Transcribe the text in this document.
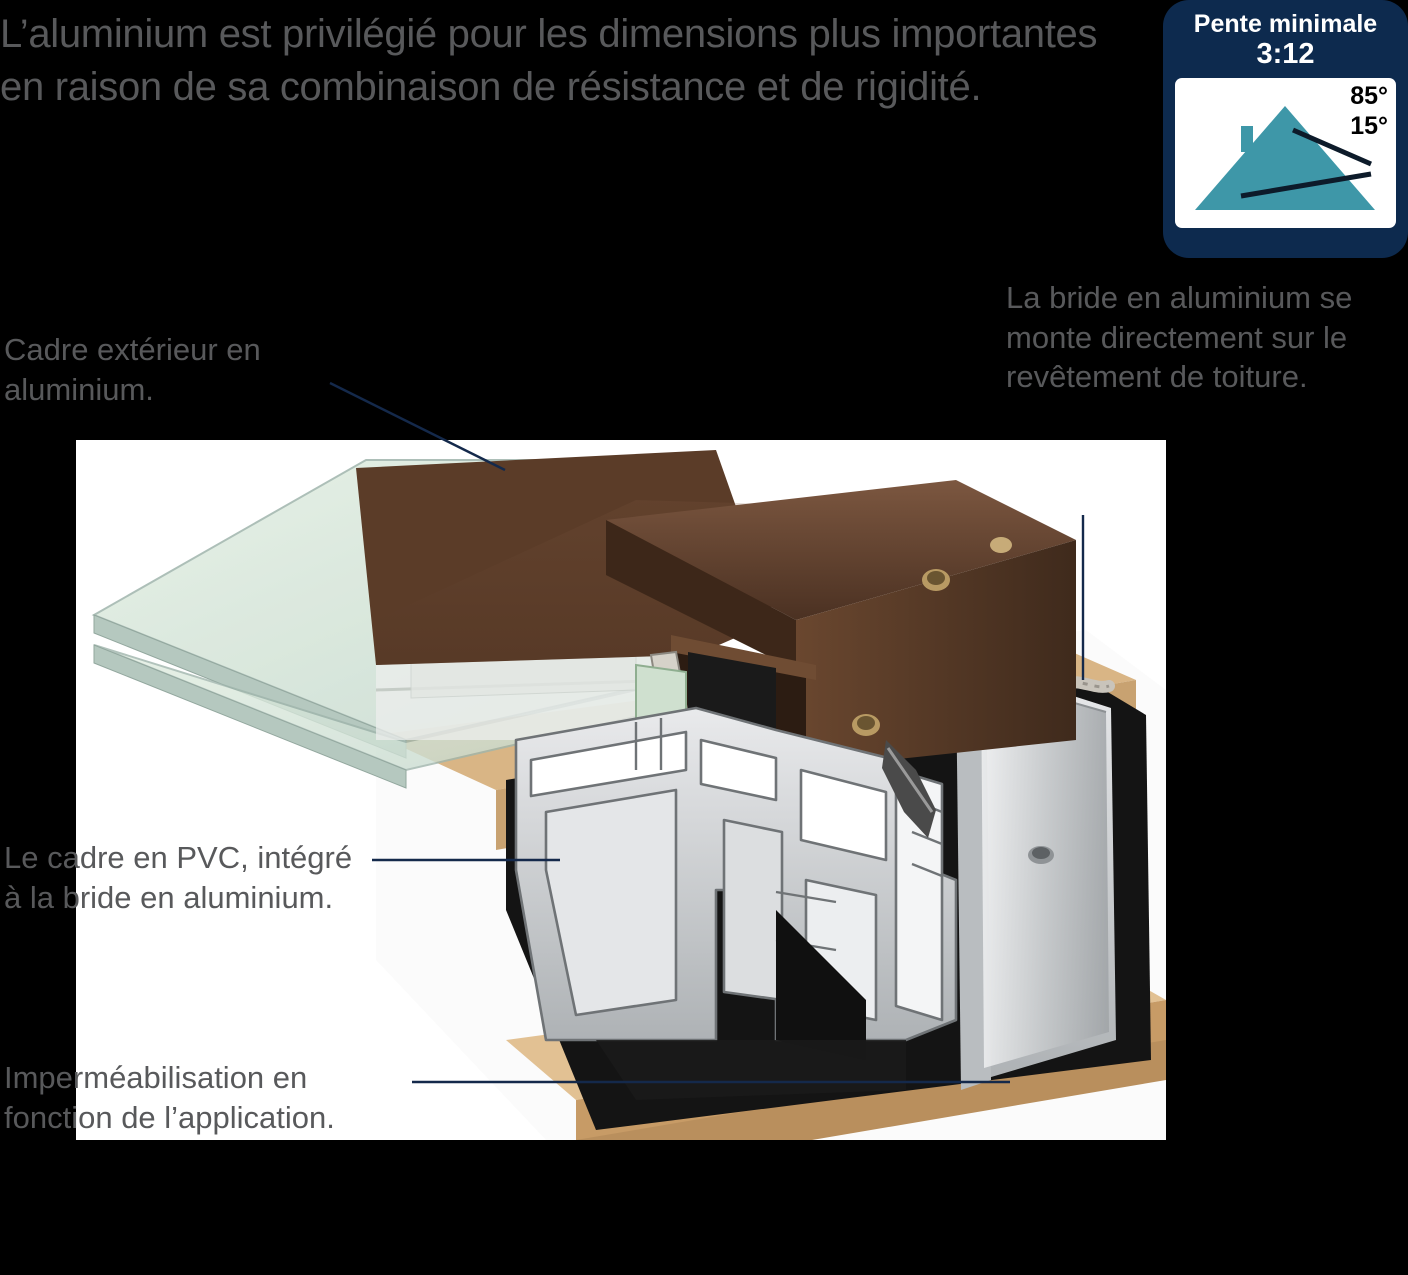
L’aluminium est privilégié pour les dimensions plus importantes en raison de sa combinaison de résistance et de rigidité.
Pente minimale
3:12
85°
15°
Cadre extérieur en aluminium.
La bride en aluminium se monte directement sur le revêtement de toiture.
Le cadre en PVC, intégré à la bride en aluminium.
Imperméabilisation en fonction de l’application.
